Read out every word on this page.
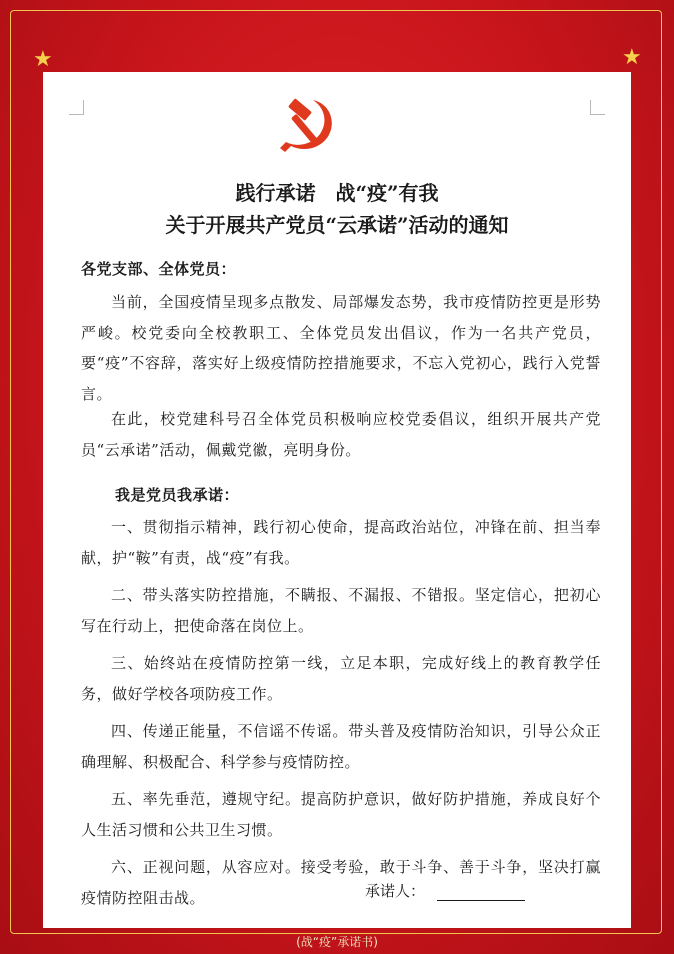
★	★
践行承诺　战“疫”有我
关于开展共产党员“云承诺”活动的通知
各党支部、全体党员：
当前，全国疫情呈现多点散发、局部爆发态势，我市疫情防控更是形势严峻。校党委向全校教职工、全体党员发出倡议，作为一名共产党员，要“疫”不容辞，落实好上级疫情防控措施要求，不忘入党初心，践行入党誓言。
在此，校党建科号召全体党员积极响应校党委倡议，组织开展共产党员“云承诺”活动，佩戴党徽，亮明身份。
我是党员我承诺：
一、贯彻指示精神，践行初心使命，提高政治站位，冲锋在前、担当奉献，护“鞍”有责，战“疫”有我。
二、带头落实防控措施，不瞒报、不漏报、不错报。坚定信心，把初心写在行动上，把使命落在岗位上。
三、始终站在疫情防控第一线，立足本职，完成好线上的教育教学任务，做好学校各项防疫工作。
四、传递正能量，不信谣不传谣。带头普及疫情防治知识，引导公众正确理解、积极配合、科学参与疫情防控。
五、率先垂范，遵规守纪。提高防护意识，做好防护措施，养成良好个人生活习惯和公共卫生习惯。
六、正视问题，从容应对。接受考验，敢于斗争、善于斗争，坚决打赢疫情防控阻击战。	承诺人：
(战“疫”承诺书)
